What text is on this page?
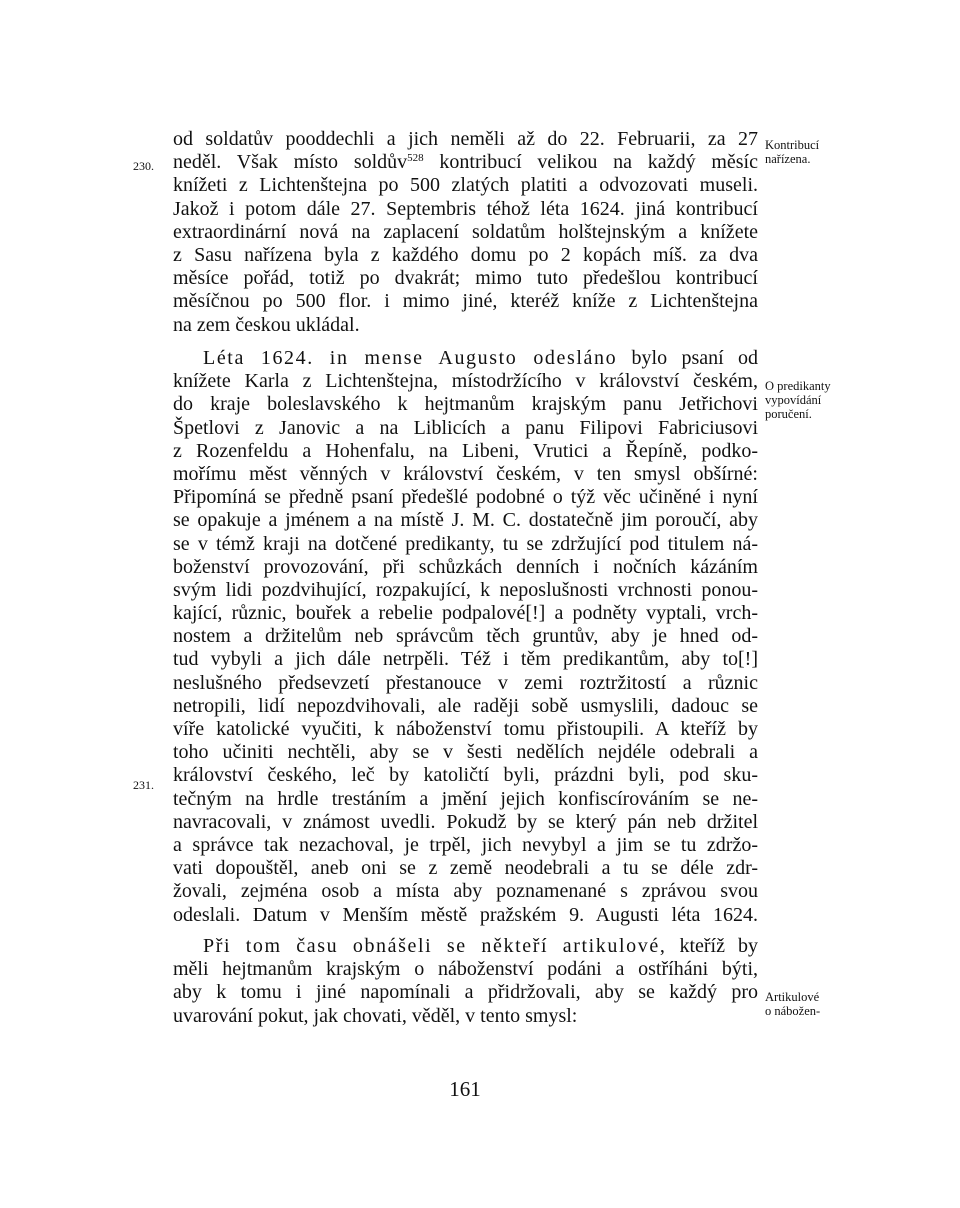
od soldatův pooddechli a jich neměli až do 22. Februarii, za 27
neděl. Však místo soldův$^{528}$ kontribucí velikou na každý měsíc
knížeti z Lichtenštejna po 500 zlatých platiti a odvozovati museli.
Jakož i potom dále 27. Septembris téhož léta 1624. jiná kontribucí
extraordinární nová na zaplacení soldatům holštejnským a knížete
z Sasu nařízena byla z každého domu po 2 kopách míš. za dva
měsíce pořád, totiž po dvakrát; mimo tuto předešlou kontribucí
měsíčnou po 500 flor. i mimo jiné, kteréž kníže z Lichtenštejna
na zem českou ukládal.
Léta 1624. in mense Augusto odesláno bylo psaní od
knížete Karla z Lichtenštejna, místodržícího v království českém,
do kraje boleslavského k hejtmanům krajským panu Jetřichovi
Špetlovi z Janovic a na Liblicích a panu Filipovi Fabriciusovi
z Rozenfeldu a Hohenfalu, na Libeni, Vrutici a Řepíně, podko-
mořímu měst věnných v království českém, v ten smysl obšírné:
Připomíná se předně psaní předešlé podobné o týž věc učiněné i nyní
se opakuje a jménem a na místě J. M. C. dostatečně jim poroučí, aby
se v témž kraji na dotčené predikanty, tu se zdržující pod titulem ná-
boženství provozování, při schůzkách denních i nočních kázáním
svým lidi pozdvihující, rozpakující, k neposlušnosti vrchnosti ponou-
kající, různic, bouřek a rebelie podpalové[!] a podněty vyptali, vrch-
nostem a držitelům neb správcům těch gruntův, aby je hned od-
tud vybyli a jich dále netrpěli. Též i těm predikantům, aby to[!]
neslušného předsevzetí přestanouce v zemi roztržitostí a různic
netropili, lidí nepozdvihovali, ale raději sobě usmyslili, dadouc se
víře katolické vyučiti, k náboženství tomu přistoupili. A kteříž by
toho učiniti nechtěli, aby se v šesti nedělích nejdéle odebrali a
království českého, leč by katoličtí byli, prázdni byli, pod sku-
tečným na hrdle trestáním a jmění jejich konfiscírováním se ne-
navracovali, v známost uvedli. Pokudž by se který pán neb držitel
a správce tak nezachoval, je trpěl, jich nevybyl a jim se tu zdržo-
vati dopouštěl, aneb oni se z země neodebrali a tu se déle zdr-
žovali, zejména osob a místa aby poznamenané s zprávou svou
odeslali. Datum v Menším městě pražském 9. Augusti léta 1624.
Při tom času obnášeli se někteří artikulové, kteříž by
měli hejtmanům krajským o náboženství podáni a ostříháni býti,
aby k tomu i jiné napomínali a přidržovali, aby se každý pro
uvarování pokut, jak chovati, věděl, v tento smysl:
230.
231.
Kontribucí
nařízena.
O predikanty
vypovídání
poručení.
Artikulové
o nábožen-
161
